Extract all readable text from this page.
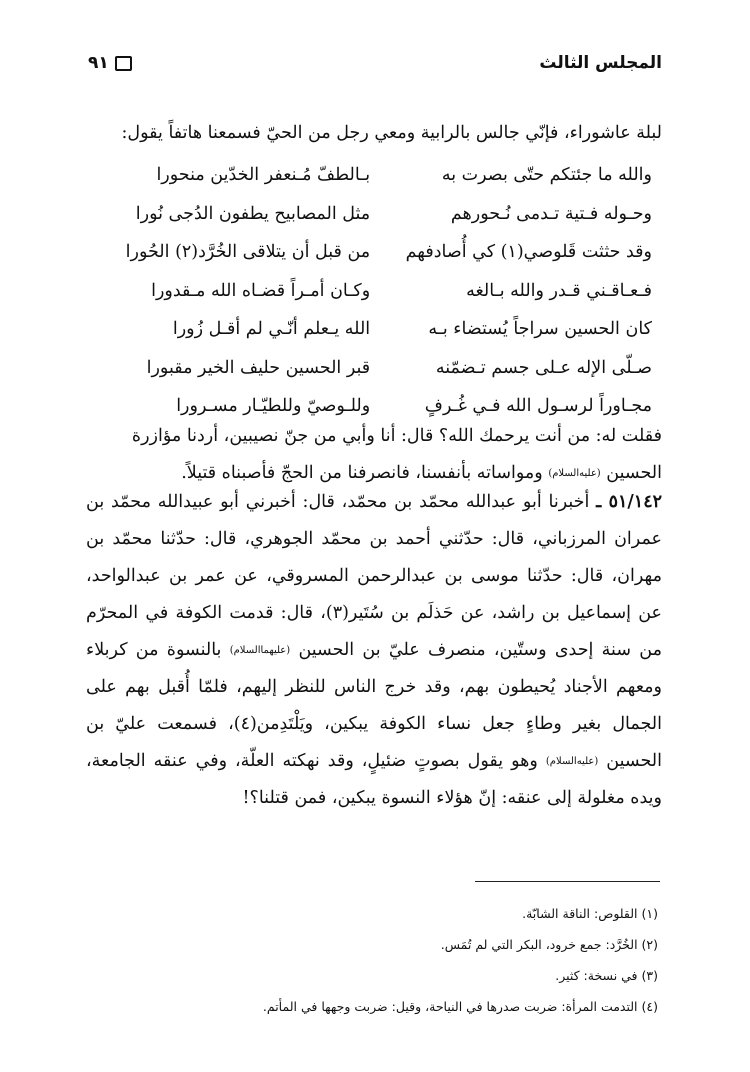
المجلس الثالث
٩١
لبلة عاشوراء، فإنّي جالس بالرابية ومعي رجل من الحيّ فسمعنا هاتفاً يقول:
والله ما جئتكم حتّى بصرت به
بـالطفّ مُـنعفر الخدّين منحورا
وحـوله فـتية تـدمى نُـحورهم
مثل المصابيح يطفون الدُجى نُورا
وقد حثثت قَلوصي(١) كي أُصادفهم
من قبل أن يتلاقى الخُرَّد(٢) الحُورا
فـعـاقـني قـدر والله بـالغه
وكـان أمـراً قضـاه الله مـقدورا
كان الحسين سراجاً يُستضاء بـه
الله يـعلم أنّـي لم أقـل زُورا
صـلّى الإله عـلى جسم تـضمّنه
قبر الحسين حليف الخير مقبورا
مجـاوراً لرسـول الله فـي غُـرفٍ
وللـوصيّ وللطيّـار مسـرورا

فقلت له: من أنت يرحمك الله؟ قال: أنا وأبي من جنّ نصيبين، أردنا مؤازرة

الحسين (عليه‌السلام) ومواساته بأنفسنا، فانصرفنا من الحجّ فأصبناه قتيلاً.

٥١/١٤٢ ـ أخبرنا أبو عبدالله محمّد بن محمّد، قال: أخبرني أبو عبيدالله محمّد بن عمران المرزباني، قال: حدّثني أحمد بن محمّد الجوهري، قال: حدّثنا محمّد بن مهران، قال: حدّثنا موسى بن عبدالرحمن المسروقي، عن عمر بن عبدالواحد، عن إسماعيل بن راشد، عن حَذلَم بن سُتَير(٣)، قال: قدمت الكوفة في المحرّم من سنة إحدى وستّين، منصرف عليّ بن الحسين (عليهما‌السلام) بالنسوة من كربلاء ومعهم الأجناد يُحيطون بهم، وقد خرج الناس للنظر إليهم، فلمّا أُقبل بهم على الجمال بغير وطاءٍ جعل نساء الكوفة يبكين، ويَلْتَدِمن(٤)، فسمعت عليّ بن الحسين (عليه‌السلام) وهو يقول بصوتٍ ضئيلٍ، وقد نهكته العلّة، وفي عنقه الجامعة، ويده مغلولة إلى عنقه: إنّ هؤلاء النسوة يبكين، فمن قتلنا؟!

(١) القلوص: الناقة الشابّة.
(٢) الخُرَّد: جمع خرود، البكر التي لم تُمَس.
(٣) في نسخة: كثير.
(٤) التدمت المرأة: ضربت صدرها في النياحة، وقيل: ضربت وجهها في المأتم.
